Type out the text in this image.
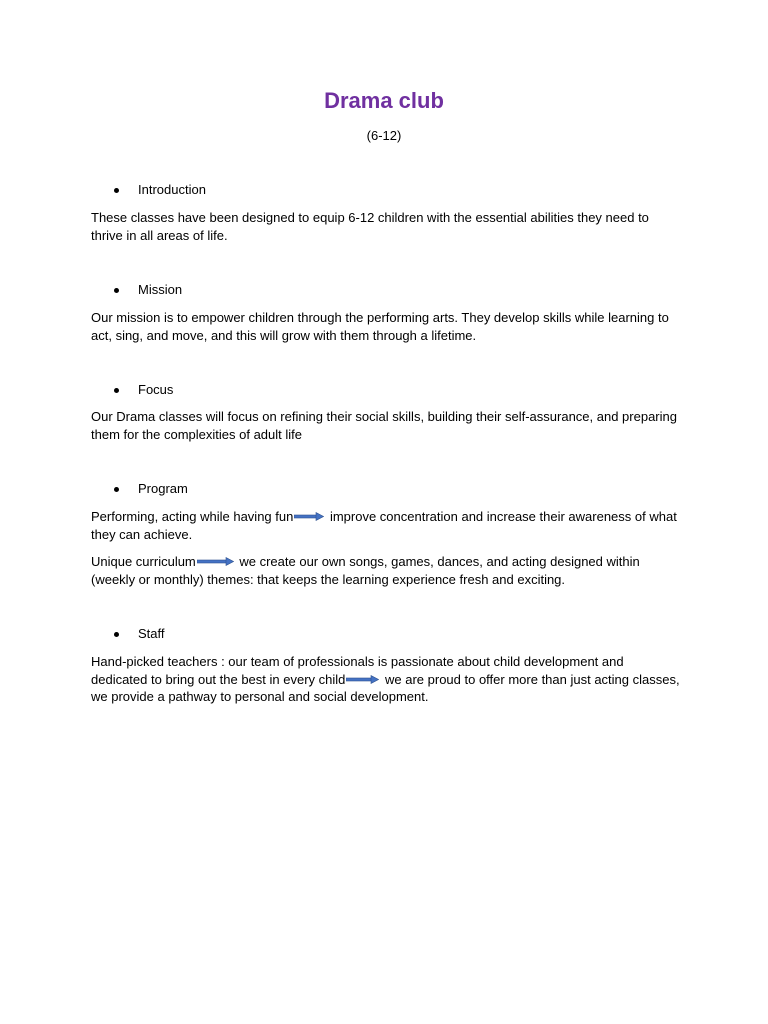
Drama club
(6-12)
Introduction
These classes have been designed to equip 6-12 children with the essential abilities they need to thrive in all areas of life.
Mission
Our mission is to empower children through the performing arts. They develop skills while learning to act, sing, and move, and this will grow with them through a lifetime.
Focus
Our Drama classes will focus on refining their social skills, building their self-assurance, and preparing them for the complexities of adult life
Program
Performing, acting while having fun	improve concentration and increase their awareness of what they can achieve.
Unique curriculum	we create our own songs, games, dances, and acting designed within (weekly or monthly) themes: that keeps the learning experience fresh and exciting.
Staff
Hand-picked teachers : our team of professionals is passionate about child development and dedicated to bring out the best in every child	we are proud to offer more than just acting classes, we provide a pathway to personal and social development.
